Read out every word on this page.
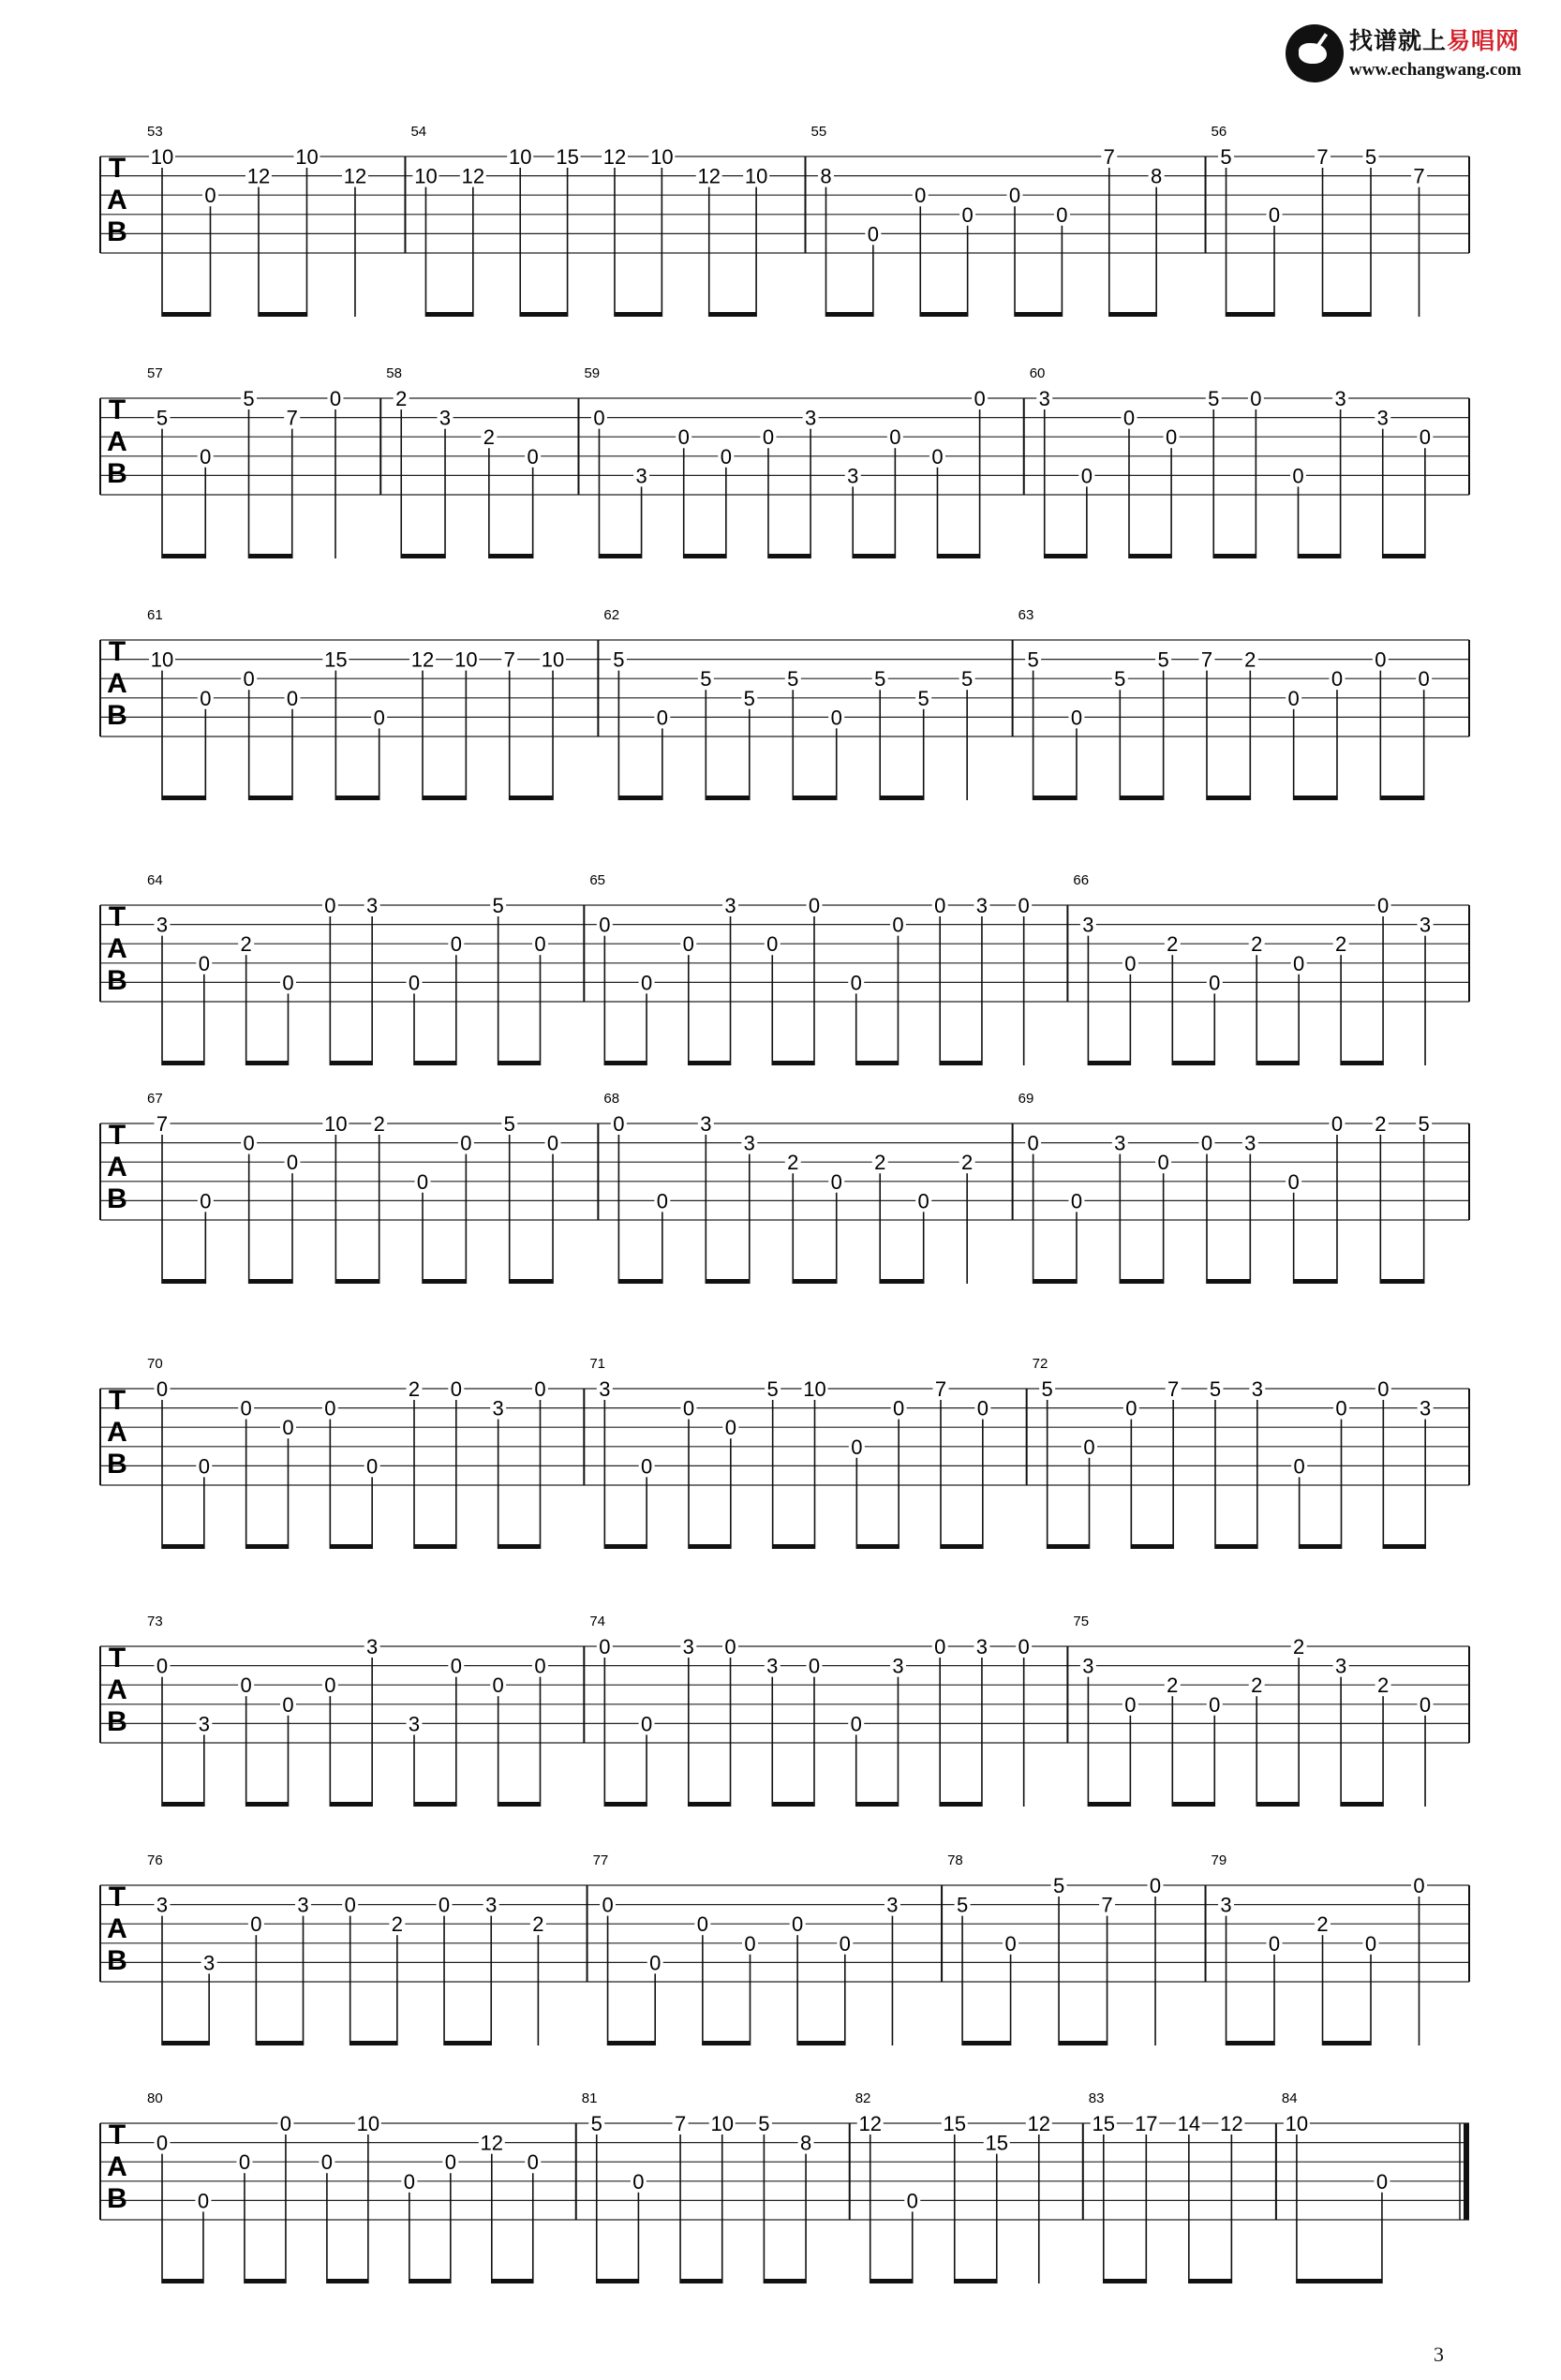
找谱就上易唱网
www.echangwang.com
T
A
B
53
10
0
12
10
12
54
10 12
10 15 12 10
12 10
55
8
0
0
0
0
0
7
8
56
5
0
7 5
7
T
A
B
57
5
0
5
7
0
58
2
3
2
0
59
0
3
0
0
0
3
3
0
0
0
60
3
0
0
0
5 0
0
3
3
0
T
A
B
61
10
0
0
0
15
0
12 10 7 10
62
5
0
5
5
5
0
5
5
5
63
5
0
5
5 7 2
0
0
0
0
T
A
B
64
3
0
2
0
0 3
0
0
5
0
65
0
0
0
3
0
0
0
0
0 3 0
66
3
0
2
0
2
0
2
0
3
T
A
B
67
7
0
0
0
10 2
0
0
5
0
68
0
0
3
3
2
0
2
0
2
69
0
0
3
0
0 3
0
0 2 5
T
A
B
70
0
0
0
0
0
0
2 0
3
0
71
3
0
0
0
5 10
0
0
7
0
72
5
0
0
7 5 3
0
0
0
3
T
A
B
73
0
3
0
0
0
3
3
0
0
0
74
0
0
3 0
3 0
0
3
0 3 0
75
3
0
2
0
2
2
3
2
0
T
A
B
76
3
3
0
3 0
2
0 3
2
77
0
0
0
0
0
0
3
78
5
0
5
7
0
79
3
0
2
0
0
T
A
B
80
0
0
0
0
0
10
0
0
12
0
81
5
0
7 10 5
8
82
12
0
15
15
12
83
15 17 14 12
84
10
0
3
